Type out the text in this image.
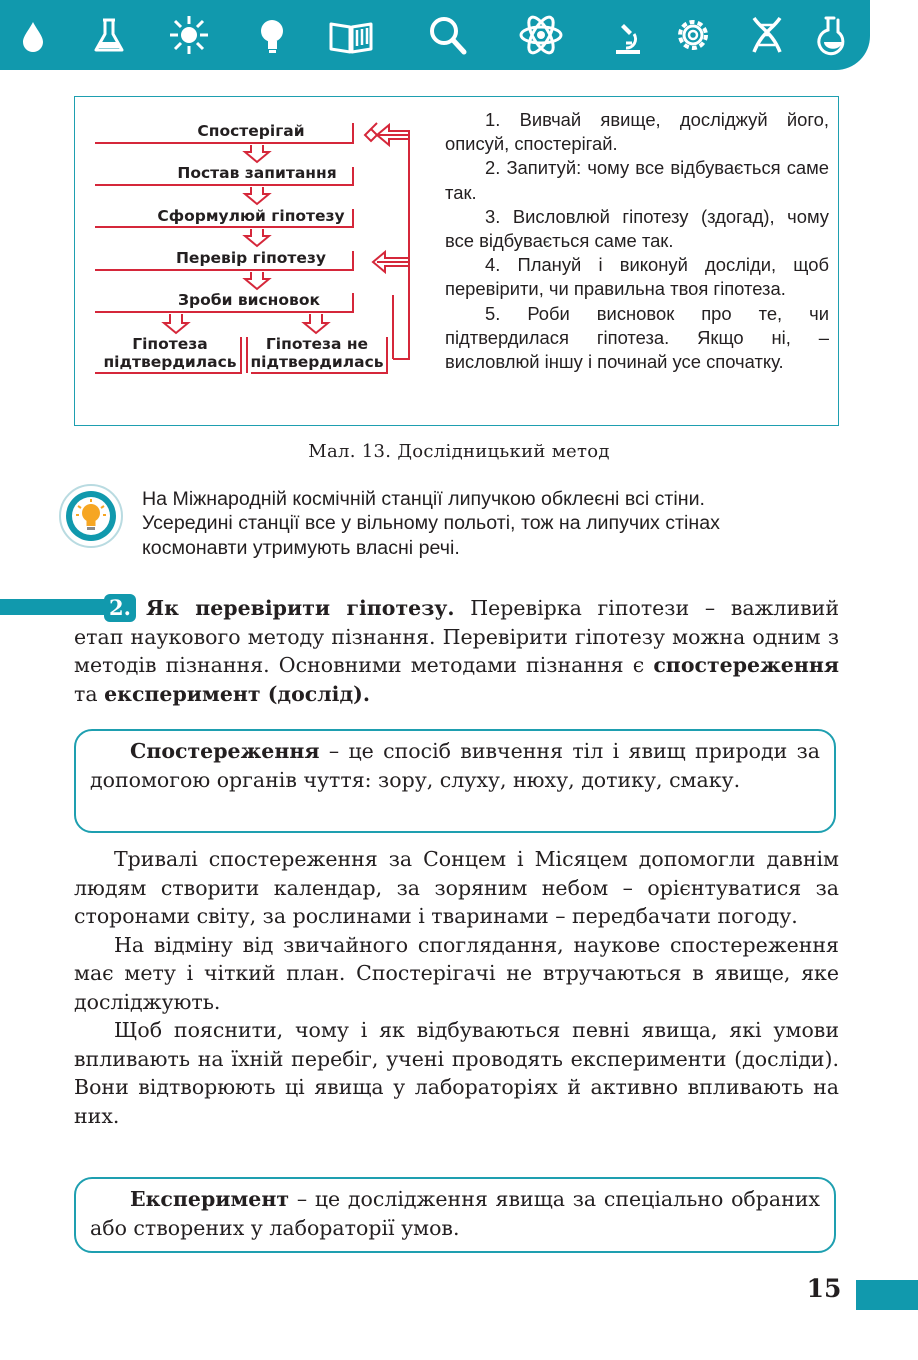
Спостерігай
Постав запитання
Сформулюй гіпотезу
Перевір гіпотезу
Зроби висновок
Гіпотеза
підтвердилась
Гіпотеза не
підтвердилась

1. Вивчай явище, досліджуй його, описуй, спостерігай.

2. Запитуй: чому все відбувається саме так.

3. Висловлюй гіпотезу (здогад), чому все відбувається саме так.

4. Плануй і виконуй досліди, щоб перевірити, чи правильна твоя гіпотеза.

5. Роби висновок про те, чи підтвердилася гіпотеза. Якщо ні, – висловлюй іншу і починай усе спочатку.

Мал. 13. Дослідницький метод

На Міжнародній космічній станції липучкою обклеєні всі стіни.

Усередині станції все у вільному польоті, тож на липучих стінах

космонавти утримують власні речі.

2. Як перевірити гіпотезу. Перевірка гіпотези – важливий етап наукового методу пізнання. Перевірити гіпотезу можна одним з методів пізнання. Основними методами пізнання є спостереження та експеримент (дослід).

Спостереження – це спосіб вивчення тіл і явищ природи за допомогою органів чуття: зору, слуху, нюху, дотику, смаку.

Тривалі спостереження за Сонцем і Місяцем допомогли давнім людям створити календар, за зоряним небом – орієнтуватися за сторонами світу, за рослинами і тваринами – передбачати погоду.

На відміну від звичайного споглядання, наукове спостереження має мету і чіткий план. Спостерігачі не втручаються в явище, яке досліджують.

Щоб пояснити, чому і як відбуваються певні явища, які умови впливають на їхній перебіг, учені проводять експерименти (досліди). Вони відтворюють ці явища у лабораторіях й активно впливають на них.

Експеримент – це дослідження явища за спеціально обраних або створених у лабораторії умов.

15
